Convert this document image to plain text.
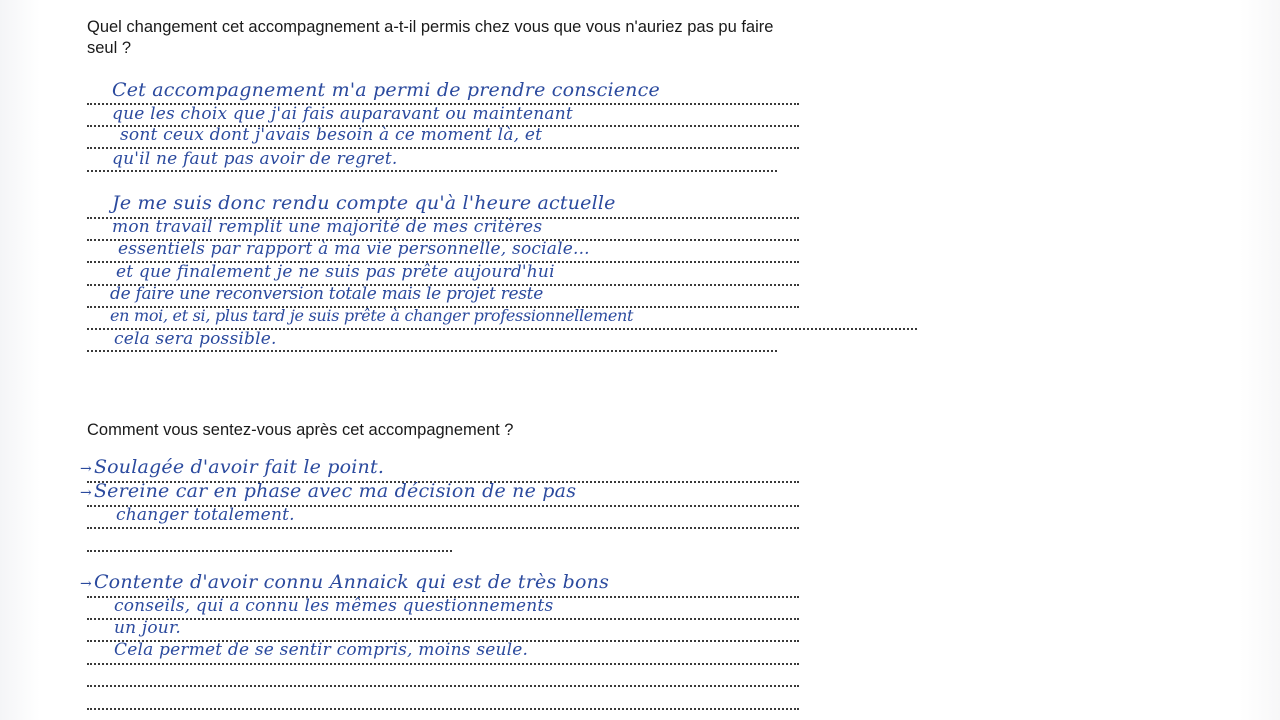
Quel changement cet accompagnement a-t-il permis chez vous que vous n'auriez pas pu faire seul ?

Cet accompagnement m'a permi de prendre conscience
que les choix que j'ai fais auparavant ou maintenant
sont ceux dont j'avais besoin à ce moment là, et
qu'il ne faut pas avoir de regret.
Je me suis donc rendu compte qu'à l'heure actuelle
mon travail remplit une majorité de mes critères
essentiels par rapport à ma vie personnelle, sociale...
et que finalement je ne suis pas prête aujourd'hui
de faire une reconversion totale mais le projet reste
en moi, et si, plus tard je suis prête à changer professionnellement
cela sera possible.

Comment vous sentez-vous après cet accompagnement ?

→ Soulagée d'avoir fait le point.
→ Sereine car en phase avec ma décision de ne pas
changer totalement.
→ Contente d'avoir connu Annaick qui est de très bons
conseils, qui a connu les mêmes questionnements
un jour.
Cela permet de se sentir compris, moins seule.
